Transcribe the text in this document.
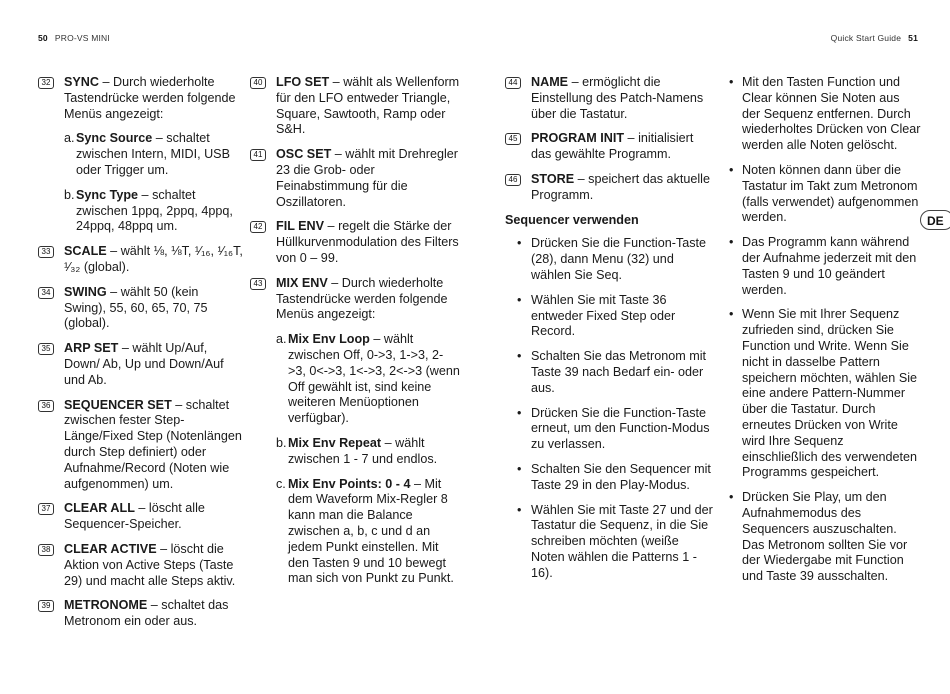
50 PRO-VS MINI	Quick Start Guide 51
DE
32 SYNC – Durch wiederholte Tastendrücke werden folgende Menüs angezeigt:
a. Sync Source – schaltet zwischen Intern, MIDI, USB oder Trigger um.
b. Sync Type – schaltet zwischen 1ppq, 2ppq, 4ppq, 24ppq, 48ppq um.
33 SCALE – wählt ⅛, ⅛T, ¹⁄₁₆, ¹⁄₁₆T, ¹⁄₃₂ (global).
34 SWING – wählt 50 (kein Swing), 55, 60, 65, 70, 75 (global).
35 ARP SET – wählt Up/Auf, Down/ Ab, Up und Down/Auf und Ab.
36 SEQUENCER SET – schaltet zwischen fester Step-Länge/Fixed Step (Notenlängen durch Step definiert) oder Aufnahme/Record (Noten wie aufgenommen) um.
37 CLEAR ALL – löscht alle Sequencer-Speicher.
38 CLEAR ACTIVE – löscht die Aktion von Active Steps (Taste 29) und macht alle Steps aktiv.
39 METRONOME – schaltet das Metronom ein oder aus.
40 LFO SET – wählt als Wellenform für den LFO entweder Triangle, Square, Sawtooth, Ramp oder S&H.
41 OSC SET – wählt mit Drehregler 23 die Grob- oder Feinabstimmung für die Oszillatoren.
42 FIL ENV – regelt die Stärke der Hüllkurvenmodulation des Filters von 0 – 99.
43 MIX ENV – Durch wiederholte Tastendrücke werden folgende Menüs angezeigt:
a. Mix Env Loop – wählt zwischen Off, 0->3, 1->3, 2->3, 0<->3, 1<->3, 2<->3 (wenn Off gewählt ist, sind keine weiteren Menüoptionen verfügbar).
b. Mix Env Repeat – wählt zwischen 1 - 7 und endlos.
c. Mix Env Points: 0 - 4 – Mit dem Waveform Mix-Regler 8 kann man die Balance zwischen a, b, c und d an jedem Punkt einstellen. Mit den Tasten 9 und 10 bewegt man sich von Punkt zu Punkt.
44 NAME – ermöglicht die Einstellung des Patch-Namens über die Tastatur.
45 PROGRAM INIT – initialisiert das gewählte Programm.
46 STORE – speichert das aktuelle Programm.
Sequencer verwenden
• Drücken Sie die Function-Taste (28), dann Menu (32) und wählen Sie Seq.
• Wählen Sie mit Taste 36 entweder Fixed Step oder Record.
• Schalten Sie das Metronom mit Taste 39 nach Bedarf ein- oder aus.
• Drücken Sie die Function-Taste erneut, um den Function-Modus zu verlassen.
• Schalten Sie den Sequencer mit Taste 29 in den Play-Modus.
• Wählen Sie mit Taste 27 und der Tastatur die Sequenz, in die Sie schreiben möchten (weiße Noten wählen die Patterns 1 - 16).
• Mit den Tasten Function und Clear können Sie Noten aus der Sequenz entfernen. Durch wiederholtes Drücken von Clear werden alle Noten gelöscht.
• Noten können dann über die Tastatur im Takt zum Metronom (falls verwendet) aufgenommen werden.
• Das Programm kann während der Aufnahme jederzeit mit den Tasten 9 und 10 geändert werden.
• Wenn Sie mit Ihrer Sequenz zufrieden sind, drücken Sie Function und Write. Wenn Sie nicht in dasselbe Pattern speichern möchten, wählen Sie eine andere Pattern-Nummer über die Tastatur. Durch erneutes Drücken von Write wird Ihre Sequenz einschließlich des verwendeten Programms gespeichert.
• Drücken Sie Play, um den Aufnahmemodus des Sequencers auszuschalten. Das Metronom sollten Sie vor der Wiedergabe mit Function und Taste 39 ausschalten.
